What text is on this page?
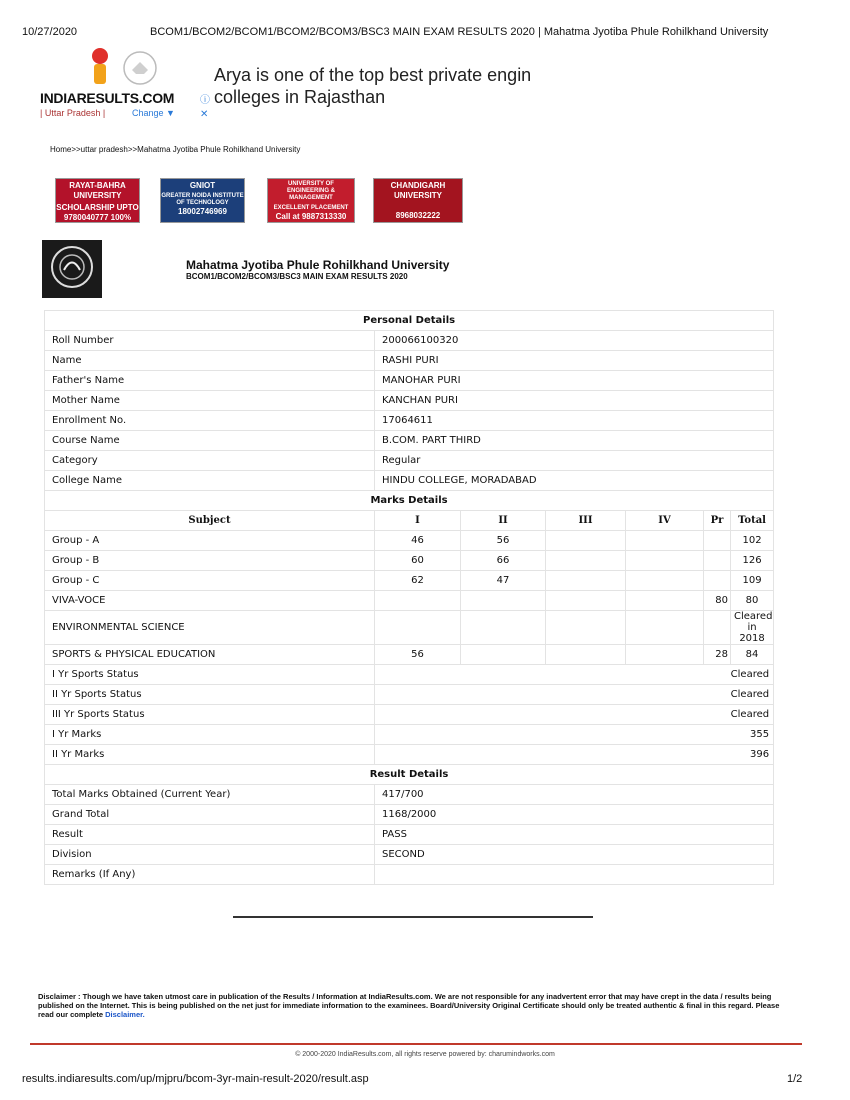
10/27/2020	BCOM1/BCOM2/BCOM1/BCOM2/BCOM3/BSC3 MAIN EXAM RESULTS 2020 | Mahatma Jyotiba Phule Rohilkhand University
INDIARESULTS.COM
| Uttar Pradesh |	Change ▼
Arya is one of the top best private engin
colleges in Rajasthan
ⓘ
✕
Home>>uttar pradesh>>Mahatma Jyotiba Phule Rohilkhand University
RAYAT-BAHRA UNIVERSITY
SCHOLARSHIP UPTO
9780040777 100%
GNIOT
GREATER NOIDA INSTITUTE OF TECHNOLOGY
18002746969
UNIVERSITY OF ENGINEERING & MANAGEMENT
EXCELLENT PLACEMENT
Call at 9887313330
CHANDIGARH UNIVERSITY
8968032222
Mahatma Jyotiba Phule Rohilkhand University
BCOM1/BCOM2/BCOM3/BSC3 MAIN EXAM RESULTS 2020
Personal Details						
Roll Number	200066100320					
Name	RASHI PURI					
Father's Name	MANOHAR PURI					
Mother Name	KANCHAN PURI					
Enrollment No.	17064611					
Course Name	B.COM. PART THIRD					
Category	Regular					
College Name	HINDU COLLEGE, MORADABAD					
Marks Details						
Subject	I	II	III	IV	Pr	Total
Group - A	46	56				102
Group - B	60	66				126
Group - C	62	47				109
VIVA-VOCE					80	80
ENVIRONMENTAL SCIENCE						Cleared in 2018
SPORTS & PHYSICAL EDUCATION	56				28	84
I Yr Sports Status	Cleared					
II Yr Sports Status	Cleared					
III Yr Sports Status	Cleared					
I Yr Marks	355					
II Yr Marks	396					
Result Details						
Total Marks Obtained (Current Year)	417/700					
Grand Total	1168/2000					
Result	PASS					
Division	SECOND					
Remarks (If Any)						
Disclaimer : Though we have taken utmost care in publication of the Results / Information at IndiaResults.com. We are not responsible for any inadvertent error that may have crept in the data / results being published on the Internet. This is being published on the net just for immediate information to the examinees. Board/University Original Certificate should only be treated authentic & final in this regard. Please read our complete Disclaimer.
© 2000-2020 IndiaResults.com, all rights reserve powered by: charumindworks.com
results.indiaresults.com/up/mjpru/bcom-3yr-main-result-2020/result.asp	1/2
